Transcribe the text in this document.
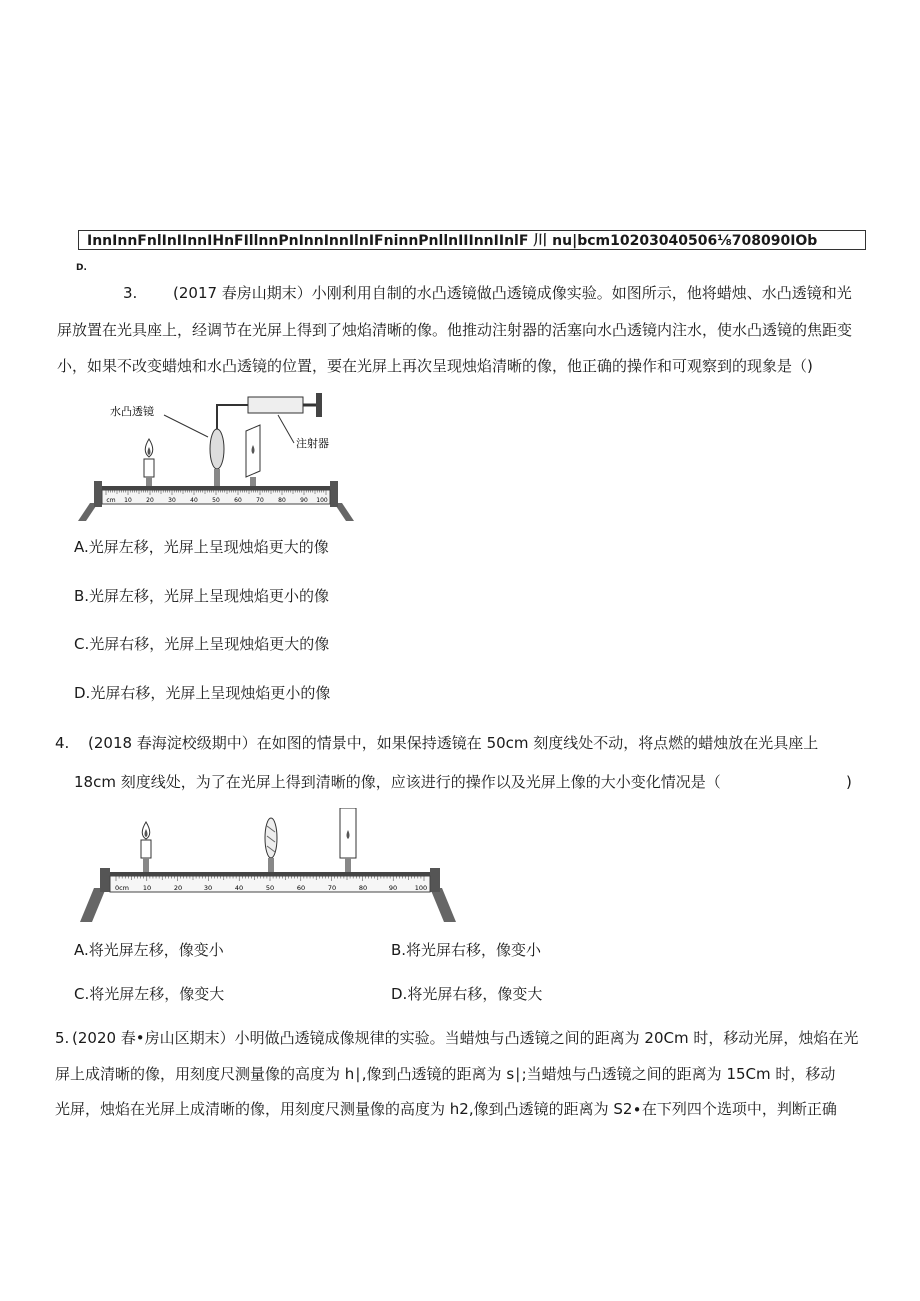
InnInnFnlInIInnIHnFIllnnPnInnInnIlnIFninnPnllnIIInnIInlF 川 nu|bcm10203040506⅛708090IOb
D.
3. (2017 春房山期末）小刚利用自制的水凸透镜做凸透镜成像实验。如图所示，他将蜡烛、水凸透镜和光
屏放置在光具座上，经调节在光屏上得到了烛焰清晰的像。他推动注射器的活塞向水凸透镜内注水，使水凸透镜的焦距变
小，如果不改变蜡烛和水凸透镜的位置，要在光屏上再次呈现烛焰清晰的像，他正确的操作和可观察到的现象是（)
10 20 30 40 50 60 70 80 90 100
cm
水凸透镜
注射器
A.光屏左移，光屏上呈现烛焰更大的像
B.光屏左移，光屏上呈现烛焰更小的像
C.光屏右移，光屏上呈现烛焰更大的像
D.光屏右移，光屏上呈现烛焰更小的像
4. (2018 春海淀校级期中）在如图的情景中，如果保持透镜在 50cm 刻度线处不动，将点燃的蜡烛放在光具座上
18cm 刻度线处，为了在光屏上得到清晰的像，应该进行的操作以及光屏上像的大小变化情况是（	)
0cm 10	20	30	40	50	60	70	80	90	100
A.将光屏左移，像变小	B.将光屏右移，像变小
C.将光屏左移，像变大	D.将光屏右移，像变大
5. (2020 春•房山区期末）小明做凸透镜成像规律的实验。当蜡烛与凸透镜之间的距离为 20Cm 时，移动光屏，烛焰在光
屏上成清晰的像，用刻度尺测量像的高度为 h∣,像到凸透镜的距离为 s∣;当蜡烛与凸透镜之间的距离为 15Cm 时，移动
光屏，烛焰在光屏上成清晰的像，用刻度尺测量像的高度为 h2,像到凸透镜的距离为 S2∙在下列四个选项中，判断正确
